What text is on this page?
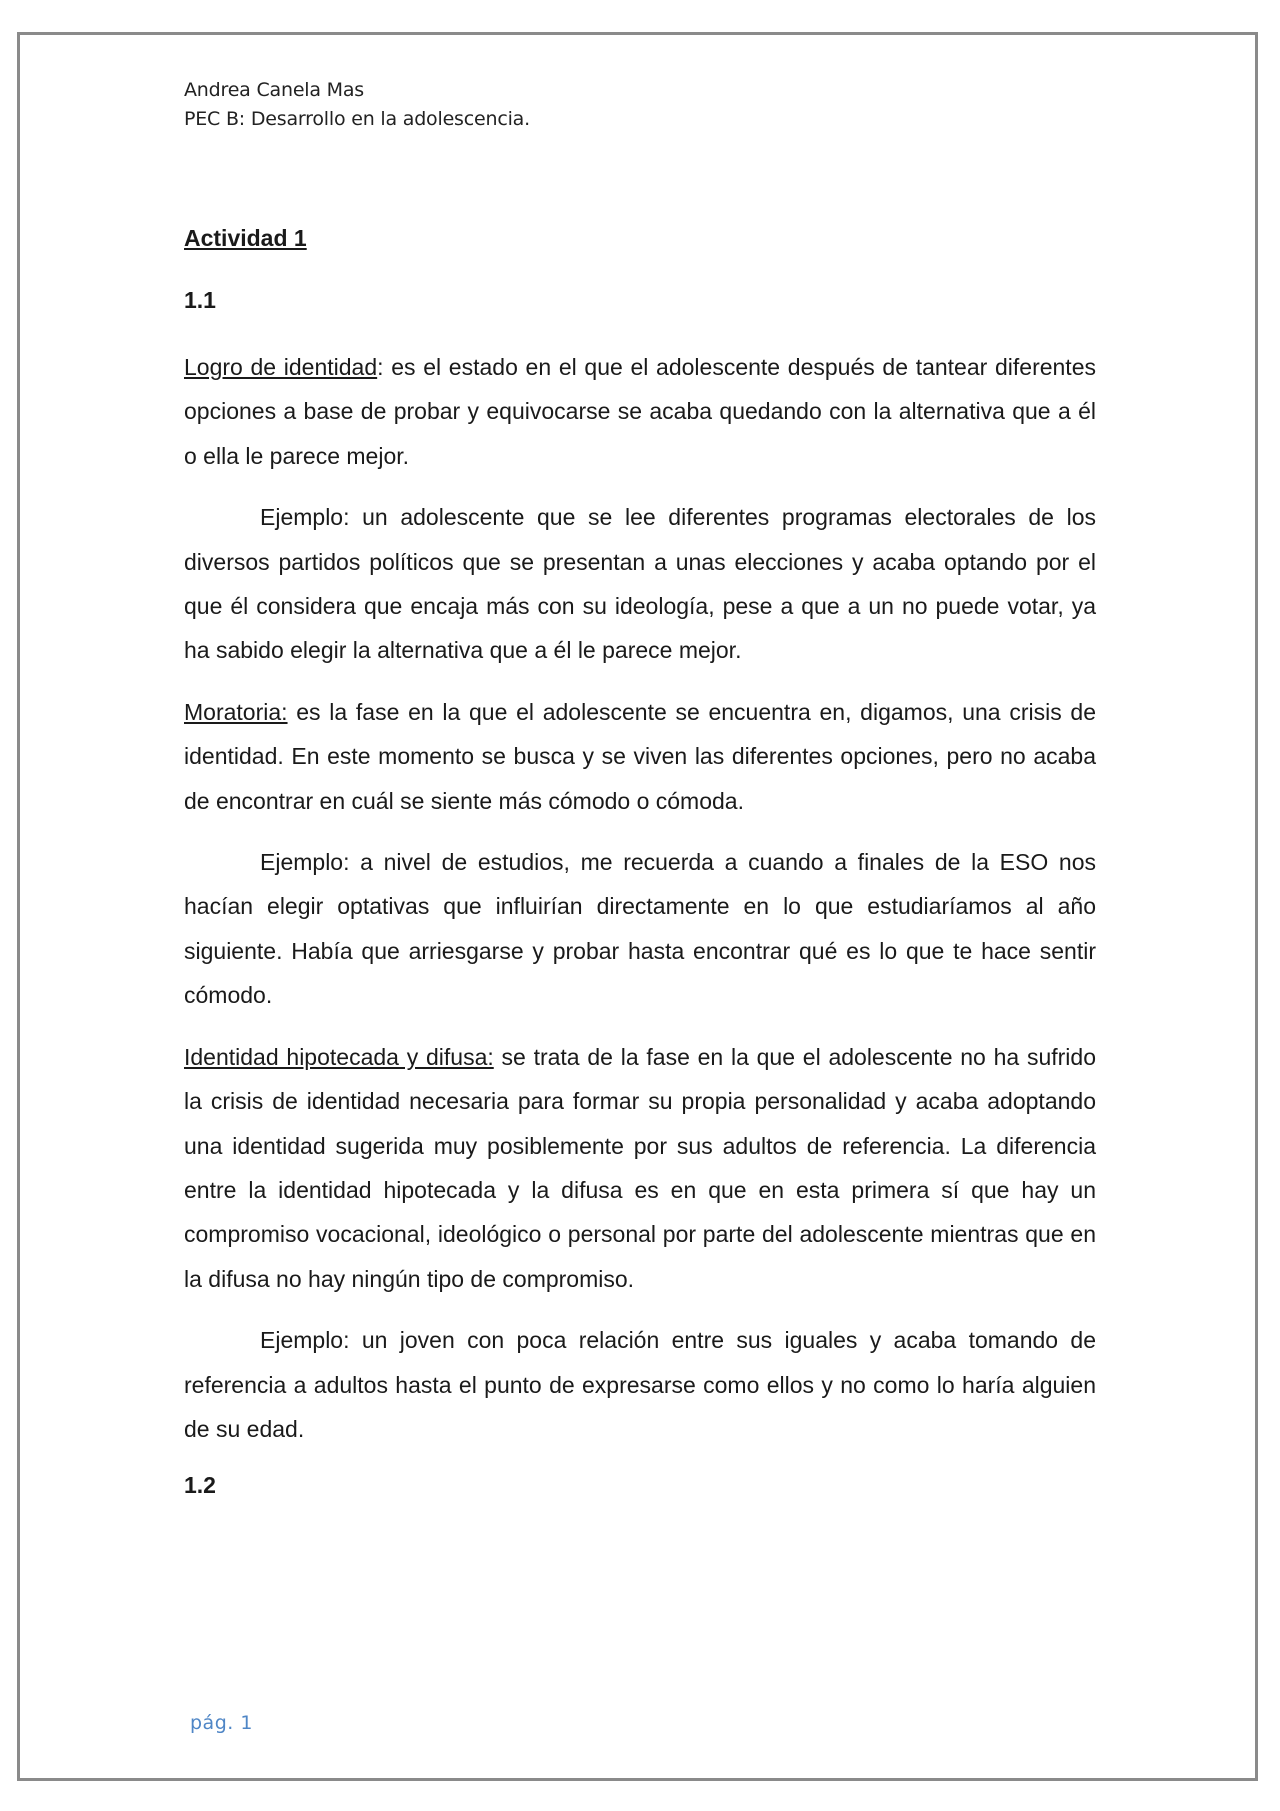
Andrea Canela Mas
PEC B: Desarrollo en la adolescencia.
Actividad 1
1.1

Logro de identidad: es el estado en el que el adolescente después de tantear diferentes opciones a base de probar y equivocarse se acaba quedando con la alternativa que a él o ella le parece mejor.

Ejemplo: un adolescente que se lee diferentes programas electorales de los diversos partidos políticos que se presentan a unas elecciones y acaba optando por el que él considera que encaja más con su ideología, pese a que a un no puede votar, ya ha sabido elegir la alternativa que a él le parece mejor.

Moratoria: es la fase en la que el adolescente se encuentra en, digamos, una crisis de identidad. En este momento se busca y se viven las diferentes opciones, pero no acaba de encontrar en cuál se siente más cómodo o cómoda.

Ejemplo: a nivel de estudios, me recuerda a cuando a finales de la ESO nos hacían elegir optativas que influirían directamente en lo que estudiaríamos al año siguiente. Había que arriesgarse y probar hasta encontrar qué es lo que te hace sentir cómodo.

Identidad hipotecada y difusa: se trata de la fase en la que el adolescente no ha sufrido la crisis de identidad necesaria para formar su propia personalidad y acaba adoptando una identidad sugerida muy posiblemente por sus adultos de referencia. La diferencia entre la identidad hipotecada y la difusa es en que en esta primera sí que hay un compromiso vocacional, ideológico o personal por parte del adolescente mientras que en la difusa no hay ningún tipo de compromiso.

Ejemplo: un joven con poca relación entre sus iguales y acaba tomando de referencia a adultos hasta el punto de expresarse como ellos y no como lo haría alguien de su edad.

1.2
pág. 1
